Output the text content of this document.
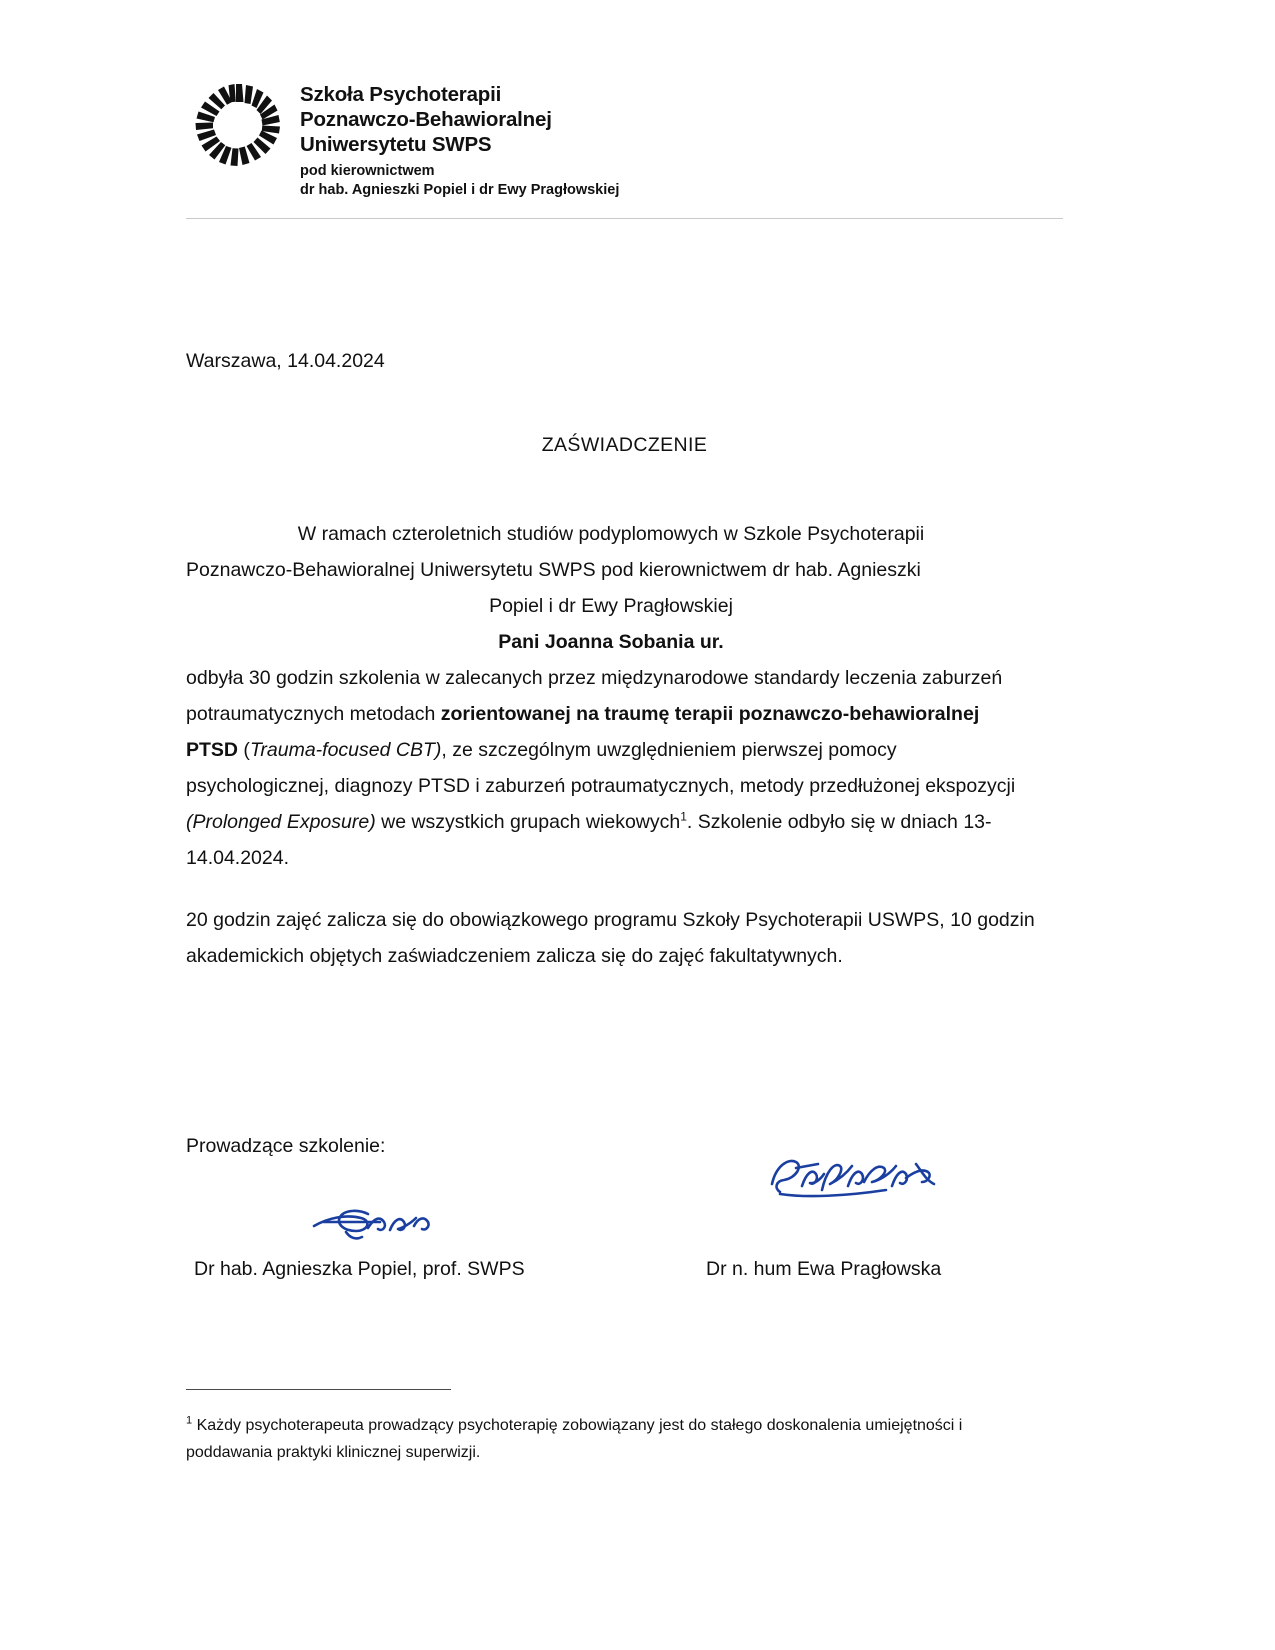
Szkoła Psychoterapii
Poznawczo-Behawioralnej
Uniwersytetu SWPS
pod kierownictwem
dr hab. Agnieszki Popiel i dr Ewy Pragłowskiej
Warszawa, 14.04.2024
ZAŚWIADCZENIE
W ramach czteroletnich studiów podyplomowych w Szkole Psychoterapii
Poznawczo-Behawioralnej Uniwersytetu SWPS pod kierownictwem dr hab. Agnieszki
Popiel i dr Ewy Pragłowskiej
Pani Joanna Sobania ur.

odbyła 30 godzin szkolenia w zalecanych przez międzynarodowe standardy leczenia zaburzeń potraumatycznych metodach zorientowanej na traumę terapii poznawczo-behawioralnej PTSD (Trauma-focused CBT), ze szczególnym uwzględnieniem pierwszej pomocy psychologicznej, diagnozy PTSD i zaburzeń potraumatycznych, metody przedłużonej ekspozycji (Prolonged Exposure) we wszystkich grupach wiekowych$^1$. Szkolenie odbyło się w dniach 13-14.04.2024.

20 godzin zajęć zalicza się do obowiązkowego programu Szkoły Psychoterapii USWPS, 10 godzin akademickich objętych zaświadczeniem zalicza się do zajęć fakultatywnych.

Prowadzące szkolenie:
Dr hab. Agnieszka Popiel, prof. SWPS	Dr n. hum Ewa Pragłowska
$^1$ Każdy psychoterapeuta prowadzący psychoterapię zobowiązany jest do stałego doskonalenia umiejętności i poddawania praktyki klinicznej superwizji.
